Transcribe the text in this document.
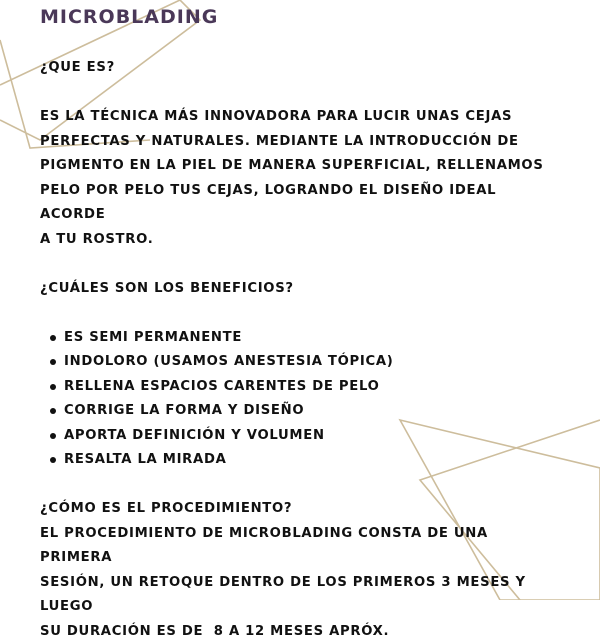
MICROBLADING

¿QUE ES?

ES LA TÉCNICA MÁS INNOVADORA PARA LUCIR UNAS CEJAS

PERFECTAS Y NATURALES. MEDIANTE LA INTRODUCCIÓN DE

PIGMENTO EN LA PIEL DE MANERA SUPERFICIAL, RELLENAMOS

PELO POR PELO TUS CEJAS, LOGRANDO EL DISEÑO IDEAL ACORDE

A TU ROSTRO.

¿CUÁLES SON LOS BENEFICIOS?

ES SEMI PERMANENTE
INDOLORO (USAMOS ANESTESIA TÓPICA)
RELLENA ESPACIOS CARENTES DE PELO
CORRIGE LA FORMA Y DISEÑO
APORTA DEFINICIÓN Y VOLUMEN
RESALTA LA MIRADA

¿CÓMO ES EL PROCEDIMIENTO?

EL PROCEDIMIENTO DE MICROBLADING CONSTA DE UNA PRIMERA

SESIÓN, UN RETOQUE DENTRO DE LOS PRIMEROS 3 MESES Y LUEGO

SU DURACIÓN ES DE  8 A 12 MESES APRÓX.
